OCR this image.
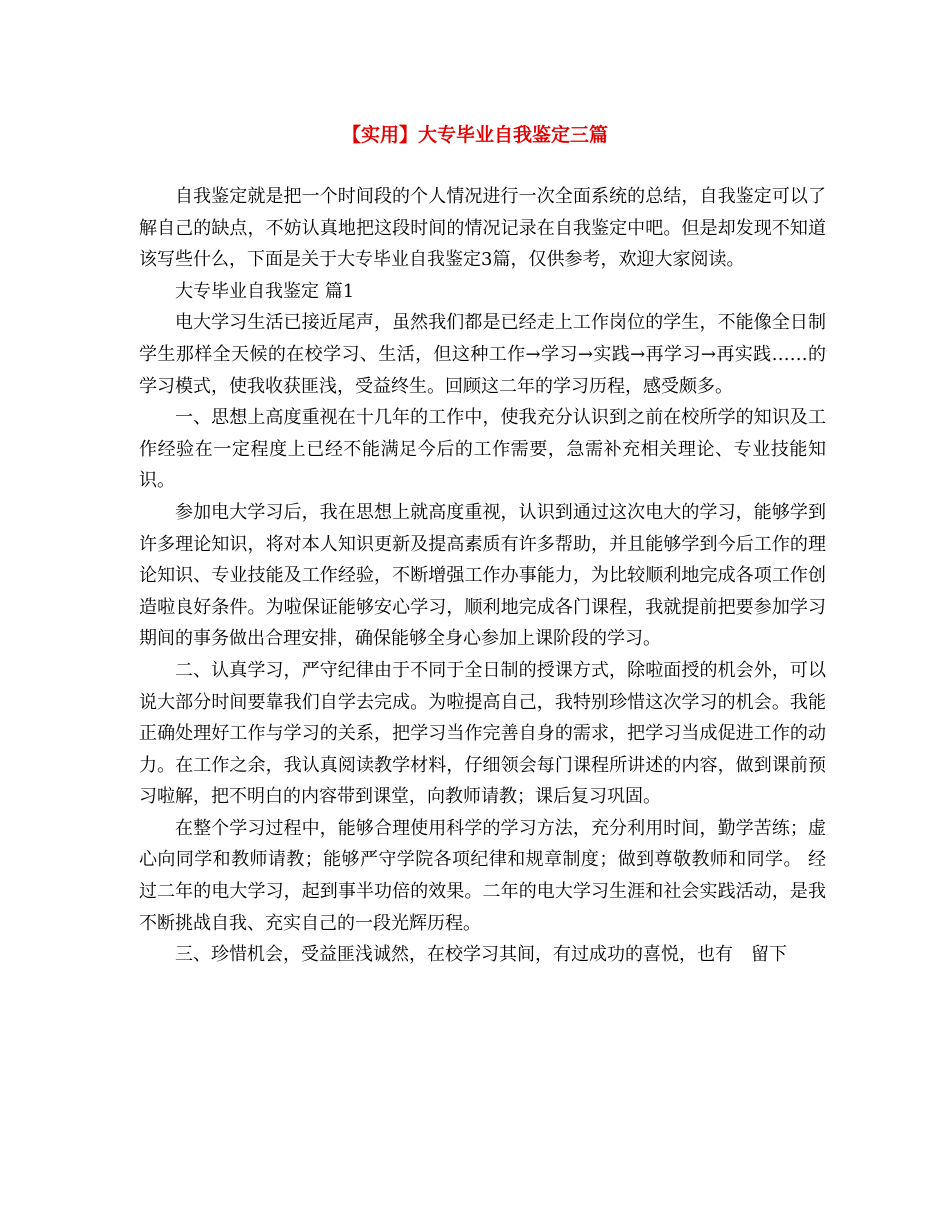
【实用】大专毕业自我鉴定三篇

自我鉴定就是把一个时间段的个人情况进行一次全面系统的总结，自我鉴定可以了解自己的缺点，不妨认真地把这段时间的情况记录在自我鉴定中吧。但是却发现不知道该写些什么，下面是关于大专毕业自我鉴定3篇，仅供参考，欢迎大家阅读。

大专毕业自我鉴定 篇1

电大学习生活已接近尾声，虽然我们都是已经走上工作岗位的学生，不能像全日制学生那样全天候的在校学习、生活，但这种工作→学习→实践→再学习→再实践……的学习模式，使我收获匪浅，受益终生。回顾这二年的学习历程，感受颇多。

一、思想上高度重视在十几年的工作中，使我充分认识到之前在校所学的知识及工作经验在一定程度上已经不能满足今后的工作需要，急需补充相关理论、专业技能知识。

参加电大学习后，我在思想上就高度重视，认识到通过这次电大的学习，能够学到许多理论知识，将对本人知识更新及提高素质有许多帮助，并且能够学到今后工作的理论知识、专业技能及工作经验，不断增强工作办事能力，为比较顺利地完成各项工作创造啦良好条件。为啦保证能够安心学习，顺利地完成各门课程，我就提前把要参加学习期间的事务做出合理安排，确保能够全身心参加上课阶段的学习。

二、认真学习，严守纪律由于不同于全日制的授课方式，除啦面授的机会外，可以说大部分时间要靠我们自学去完成。为啦提高自己，我特别珍惜这次学习的机会。我能正确处理好工作与学习的关系，把学习当作完善自身的需求，把学习当成促进工作的动力。在工作之余，我认真阅读教学材料，仔细领会每门课程所讲述的内容，做到课前预习啦解，把不明白的内容带到课堂，向教师请教；课后复习巩固。

在整个学习过程中，能够合理使用科学的学习方法，充分利用时间，勤学苦练；虚心向同学和教师请教；能够严守学院各项纪律和规章制度；做到尊敬教师和同学。 经过二年的电大学习，起到事半功倍的效果。二年的电大学习生涯和社会实践活动，是我不断挑战自我、充实自己的一段光辉历程。

三、珍惜机会，受益匪浅诚然，在校学习其间，有过成功的喜悦，也有　留下
